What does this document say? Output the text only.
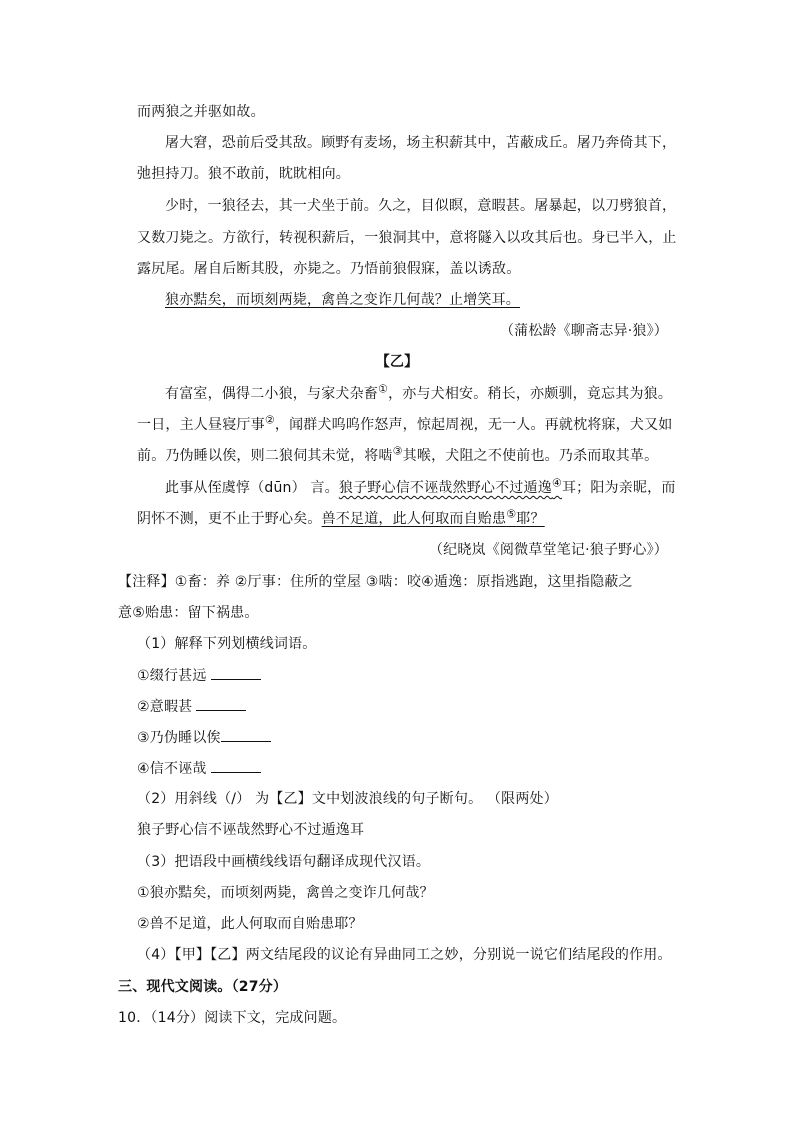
而两狼之并驱如故。
屠大窘，恐前后受其敌。顾野有麦场，场主积薪其中，苫蔽成丘。屠乃奔倚其下，
弛担持刀。狼不敢前，眈眈相向。
少时，一狼径去，其一犬坐于前。久之，目似瞑，意暇甚。屠暴起，以刀劈狼首，
又数刀毙之。方欲行，转视积薪后，一狼洞其中，意将隧入以攻其后也。身已半入，止
露尻尾。屠自后断其股，亦毙之。乃悟前狼假寐，盖以诱敌。
狼亦黠矣，而顷刻两毙，禽兽之变诈几何哉？止增笑耳。
（蒲松龄《聊斋志异·狼》）
【乙】
有富室，偶得二小狼，与家犬杂畜①，亦与犬相安。稍长，亦颇驯，竟忘其为狼。
一日，主人昼寝厅事②，闻群犬呜呜作怒声，惊起周视，无一人。再就枕将寐，犬又如
前。乃伪睡以俟，则二狼伺其未觉，将啮③其喉，犬阻之不使前也。乃杀而取其革。
此事从侄虞惇（dūn） 言。狼子野心信不诬哉然野心不过遁逸④耳；阳为亲昵，而
阴怀不测，更不止于野心矣。兽不足道，此人何取而自贻患⑤耶？
（纪晓岚《阅微草堂笔记·狼子野心》）
【注释】①畜：养 ②厅事：住所的堂屋 ③啮：咬④遁逸：原指逃跑，这里指隐蔽之
意⑤贻患：留下祸患。
（1）解释下列划横线词语。
①缀行甚远
②意暇甚
③乃伪睡以俟
④信不诬哉
（2）用斜线（/） 为【乙】文中划波浪线的句子断句。 （限两处）
狼子野心信不诬哉然野心不过遁逸耳
（3）把语段中画横线线语句翻译成现代汉语。
①狼亦黠矣，而顷刻两毙，禽兽之变诈几何哉？
②兽不足道，此人何取而自贻患耶？
（4）【甲】【乙】两文结尾段的议论有异曲同工之妙，分别说一说它们结尾段的作用。
三、现代文阅读。（27分）
10．（14分）阅读下文，完成问题。
